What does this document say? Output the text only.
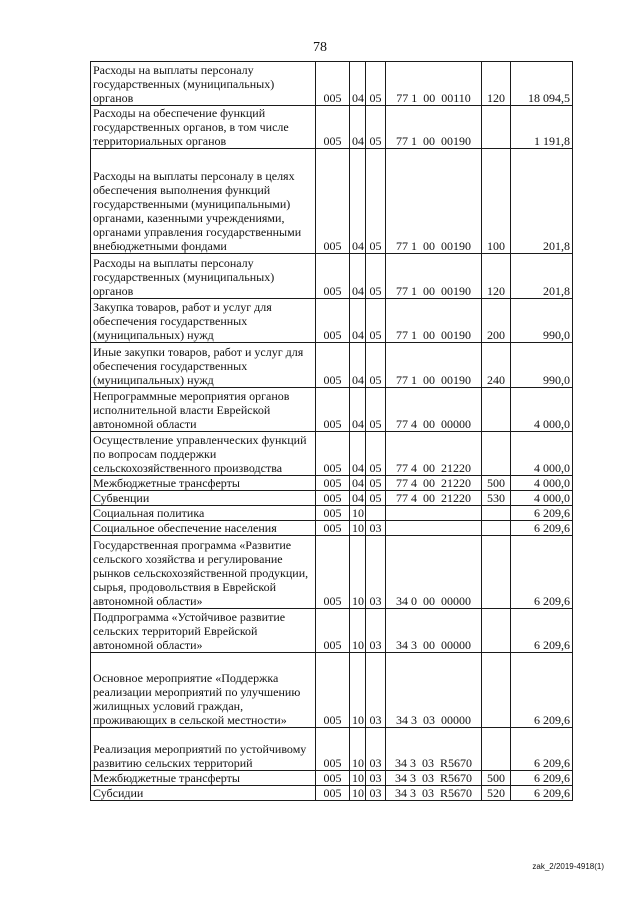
78
Расходы на выплаты персоналу государственных (муниципальных) органов	005	04	05	77 1  00  00110	120	18 094,5
Расходы на обеспечение функций государственных органов, в том числе территориальных органов	005	04	05	77 1  00  00190		1 191,8
Расходы на выплаты персоналу в целях обеспечения выполнения функций государственными (муниципальными) органами, казенными учреждениями, органами управления государственными внебюджетными фондами	005	04	05	77 1  00  00190	100	201,8
Расходы на выплаты персоналу государственных (муниципальных) органов	005	04	05	77 1  00  00190	120	201,8
Закупка товаров, работ и услуг для обеспечения государственных (муниципальных) нужд	005	04	05	77 1  00  00190	200	990,0
Иные закупки товаров, работ и услуг для обеспечения государственных (муниципальных) нужд	005	04	05	77 1  00  00190	240	990,0
Непрограммные мероприятия органов исполнительной власти Еврейской автономной области	005	04	05	77 4  00  00000		4 000,0
Осуществление управленческих функций по вопросам поддержки сельскохозяйственного производства	005	04	05	77 4  00  21220		4 000,0
Межбюджетные трансферты	005	04	05	77 4  00  21220	500	4 000,0
Субвенции	005	04	05	77 4  00  21220	530	4 000,0
Социальная политика	005	10				6 209,6
Социальное обеспечение населения	005	10	03			6 209,6
Государственная программа «Развитие сельского хозяйства и регулирование рынков сельскохозяйственной продукции, сырья, продовольствия в Еврейской автономной области»	005	10	03	34 0  00  00000		6 209,6
Подпрограмма «Устойчивое развитие сельских территорий Еврейской автономной области»	005	10	03	34 3  00  00000		6 209,6
Основное мероприятие «Поддержка реализации мероприятий по улучшению жилищных условий граждан, проживающих в сельской местности»	005	10	03	34 3  03  00000		6 209,6
Реализация мероприятий по устойчивому развитию сельских территорий	005	10	03	34 3  03  R5670		6 209,6
Межбюджетные трансферты	005	10	03	34 3  03  R5670	500	6 209,6
Субсидии	005	10	03	34 3  03  R5670	520	6 209,6
zak_2/2019-4918(1)
